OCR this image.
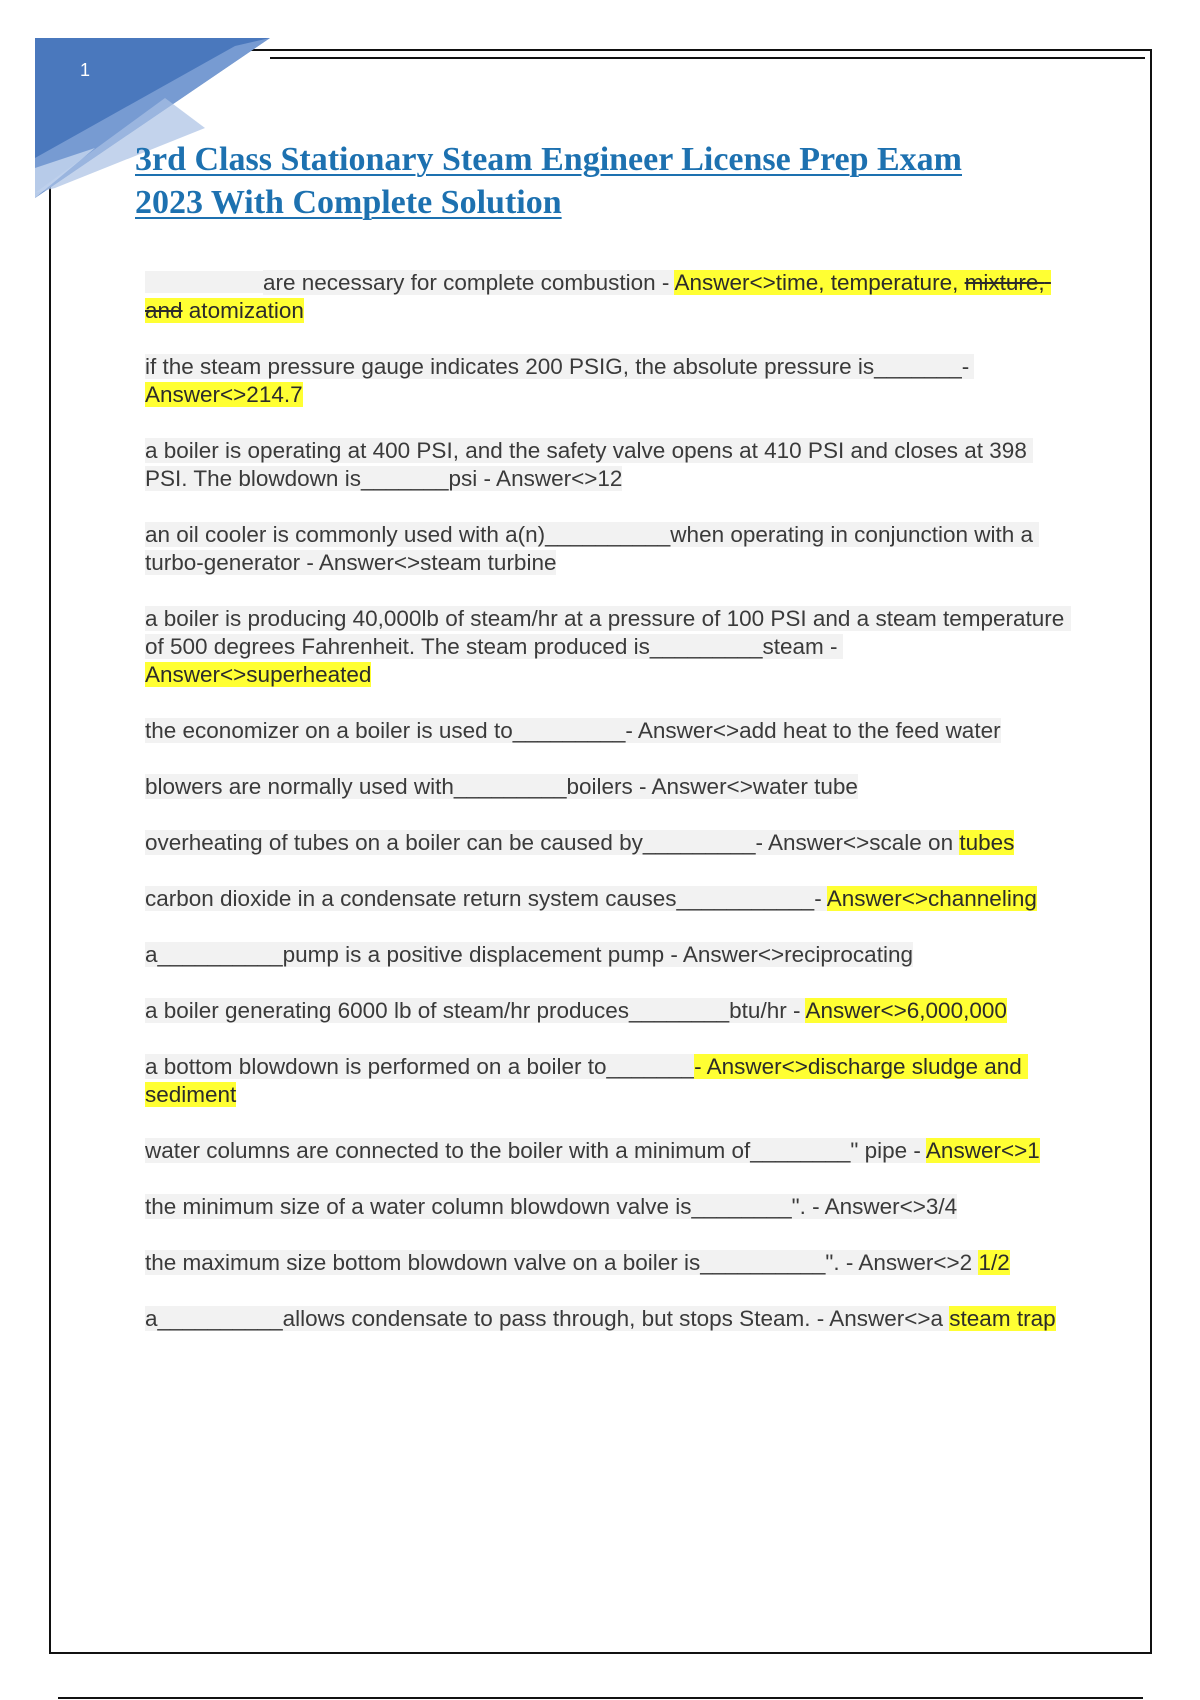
1
3rd Class Stationary Steam Engineer License Prep Exam
2023 With Complete Solution

are necessary for complete combustion - Answer<>time, temperature, mixture, and atomization

if the steam pressure gauge indicates 200 PSIG, the absolute pressure is_______- Answer<>214.7

a boiler is operating at 400 PSI, and the safety valve opens at 410 PSI and closes at 398 PSI. The blowdown is_______psi - Answer<>12

an oil cooler is commonly used with a(n)__________when operating in conjunction with a turbo-generator - Answer<>steam turbine

a boiler is producing 40,000lb of steam/hr at a pressure of 100 PSI and a steam temperature of 500 degrees Fahrenheit. The steam produced is_________steam - Answer<>superheated

the economizer on a boiler is used to_________- Answer<>add heat to the feed water

blowers are normally used with_________boilers - Answer<>water tube

overheating of tubes on a boiler can be caused by_________- Answer<>scale on tubes

carbon dioxide in a condensate return system causes___________- Answer<>channeling

a__________pump is a positive displacement pump - Answer<>reciprocating

a boiler generating 6000 lb of steam/hr produces________btu/hr - Answer<>6,000,000

a bottom blowdown is performed on a boiler to_______- Answer<>discharge sludge and sediment

water columns are connected to the boiler with a minimum of________" pipe - Answer<>1

the minimum size of a water column blowdown valve is________". - Answer<>3/4

the maximum size bottom blowdown valve on a boiler is__________". - Answer<>2 1/2

a__________allows condensate to pass through, but stops Steam. - Answer<>a steam trap
